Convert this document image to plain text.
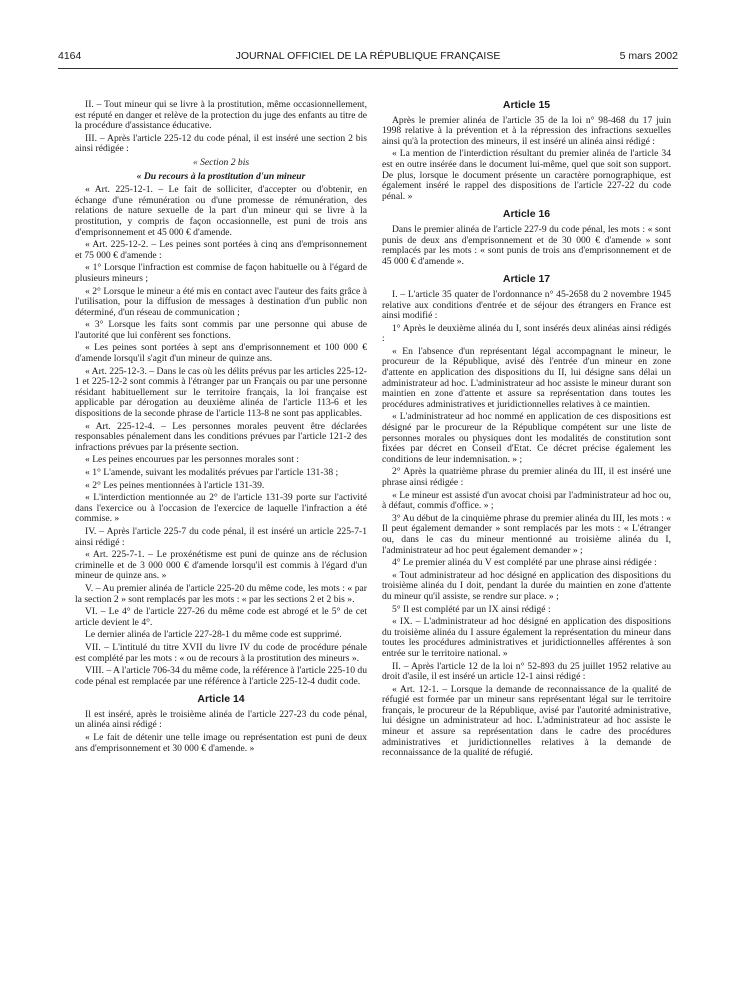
4164	JOURNAL OFFICIEL DE LA RÉPUBLIQUE FRANÇAISE	5 mars 2002

II. – Tout mineur qui se livre à la prostitution, même occasionnellement, est réputé en danger et relève de la protection du juge des enfants au titre de la procédure d'assistance éducative.

III. – Après l'article 225-12 du code pénal, il est inséré une section 2 bis ainsi rédigée :

« Section 2 bis

« Du recours à la prostitution d'un mineur

« Art. 225-12-1. – Le fait de solliciter, d'accepter ou d'obtenir, en échange d'une rémunération ou d'une promesse de rémunération, des relations de nature sexuelle de la part d'un mineur qui se livre à la prostitution, y compris de façon occasionnelle, est puni de trois ans d'emprisonnement et 45 000 € d'amende.

« Art. 225-12-2. – Les peines sont portées à cinq ans d'emprisonnement et 75 000 € d'amende :

« 1° Lorsque l'infraction est commise de façon habituelle ou à l'égard de plusieurs mineurs ;

« 2° Lorsque le mineur a été mis en contact avec l'auteur des faits grâce à l'utilisation, pour la diffusion de messages à destination d'un public non déterminé, d'un réseau de communication ;

« 3° Lorsque les faits sont commis par une personne qui abuse de l'autorité que lui confèrent ses fonctions.

« Les peines sont portées à sept ans d'emprisonnement et 100 000 € d'amende lorsqu'il s'agit d'un mineur de quinze ans.

« Art. 225-12-3. – Dans le cas où les délits prévus par les articles 225-12-1 et 225-12-2 sont commis à l'étranger par un Français ou par une personne résidant habituellement sur le territoire français, la loi française est applicable par dérogation au deuxième alinéa de l'article 113-6 et les dispositions de la seconde phrase de l'article 113-8 ne sont pas applicables.

« Art. 225-12-4. – Les personnes morales peuvent être déclarées responsables pénalement dans les conditions prévues par l'article 121-2 des infractions prévues par la présente section.

« Les peines encourues par les personnes morales sont :

« 1° L'amende, suivant les modalités prévues par l'article 131-38 ;

« 2° Les peines mentionnées à l'article 131-39.

« L'interdiction mentionnée au 2° de l'article 131-39 porte sur l'activité dans l'exercice ou à l'occasion de l'exercice de laquelle l'infraction a été commise. »

IV. – Après l'article 225-7 du code pénal, il est inséré un article 225-7-1 ainsi rédigé :

« Art. 225-7-1. – Le proxénétisme est puni de quinze ans de réclusion criminelle et de 3 000 000 € d'amende lorsqu'il est commis à l'égard d'un mineur de quinze ans. »

V. – Au premier alinéa de l'article 225-20 du même code, les mots : « par la section 2 » sont remplacés par les mots : « par les sections 2 et 2 bis ».

VI. – Le 4° de l'article 227-26 du même code est abrogé et le 5° de cet article devient le 4°.

Le dernier alinéa de l'article 227-28-1 du même code est supprimé.

VII. – L'intitulé du titre XVII du livre IV du code de procédure pénale est complété par les mots : « ou de recours à la prostitution des mineurs ».

VIII. – A l'article 706-34 du même code, la référence à l'article 225-10 du code pénal est remplacée par une référence à l'article 225-12-4 dudit code.

Article 14

Il est inséré, après le troisième alinéa de l'article 227-23 du code pénal, un alinéa ainsi rédigé :

« Le fait de détenir une telle image ou représentation est puni de deux ans d'emprisonnement et 30 000 € d'amende. »

Article 15

Après le premier alinéa de l'article 35 de la loi n° 98-468 du 17 juin 1998 relative à la prévention et à la répression des infractions sexuelles ainsi qu'à la protection des mineurs, il est inséré un alinéa ainsi rédigé :

« La mention de l'interdiction résultant du premier alinéa de l'article 34 est en outre insérée dans le document lui-même, quel que soit son support. De plus, lorsque le document présente un caractère pornographique, est également inséré le rappel des dispositions de l'article 227-22 du code pénal. »

Article 16

Dans le premier alinéa de l'article 227-9 du code pénal, les mots : « sont punis de deux ans d'emprisonnement et de 30 000 € d'amende » sont remplacés par les mots : « sont punis de trois ans d'emprisonnement et de 45 000 € d'amende ».

Article 17

I. – L'article 35 quater de l'ordonnance n° 45-2658 du 2 novembre 1945 relative aux conditions d'entrée et de séjour des étrangers en France est ainsi modifié :

1° Après le deuxième alinéa du I, sont insérés deux alinéas ainsi rédigés :

« En l'absence d'un représentant légal accompagnant le mineur, le procureur de la République, avisé dès l'entrée d'un mineur en zone d'attente en application des dispositions du II, lui désigne sans délai un administrateur ad hoc. L'administrateur ad hoc assiste le mineur durant son maintien en zone d'attente et assure sa représentation dans toutes les procédures administratives et juridictionnelles relatives à ce maintien.

« L'administrateur ad hoc nommé en application de ces dispositions est désigné par le procureur de la République compétent sur une liste de personnes morales ou physiques dont les modalités de constitution sont fixées par décret en Conseil d'Etat. Ce décret précise également les conditions de leur indemnisation. » ;

2° Après la quatrième phrase du premier alinéa du III, il est inséré une phrase ainsi rédigée :

« Le mineur est assisté d'un avocat choisi par l'administrateur ad hoc ou, à défaut, commis d'office. » ;

3° Au début de la cinquième phrase du premier alinéa du III, les mots : « Il peut également demander » sont remplacés par les mots : « L'étranger ou, dans le cas du mineur mentionné au troisième alinéa du I, l'administrateur ad hoc peut également demander » ;

4° Le premier alinéa du V est complété par une phrase ainsi rédigée :

« Tout administrateur ad hoc désigné en application des dispositions du troisième alinéa du I doit, pendant la durée du maintien en zone d'attente du mineur qu'il assiste, se rendre sur place. » ;

5° Il est complété par un IX ainsi rédigé :

« IX. – L'administrateur ad hoc désigné en application des dispositions du troisième alinéa du I assure également la représentation du mineur dans toutes les procédures administratives et juridictionnelles afférentes à son entrée sur le territoire national. »

II. – Après l'article 12 de la loi n° 52-893 du 25 juillet 1952 relative au droit d'asile, il est inséré un article 12-1 ainsi rédigé :

« Art. 12-1. – Lorsque la demande de reconnaissance de la qualité de réfugié est formée par un mineur sans représentant légal sur le territoire français, le procureur de la République, avisé par l'autorité administrative, lui désigne un administrateur ad hoc. L'administrateur ad hoc assiste le mineur et assure sa représentation dans le cadre des procédures administratives et juridictionnelles relatives à la demande de reconnaissance de la qualité de réfugié.
